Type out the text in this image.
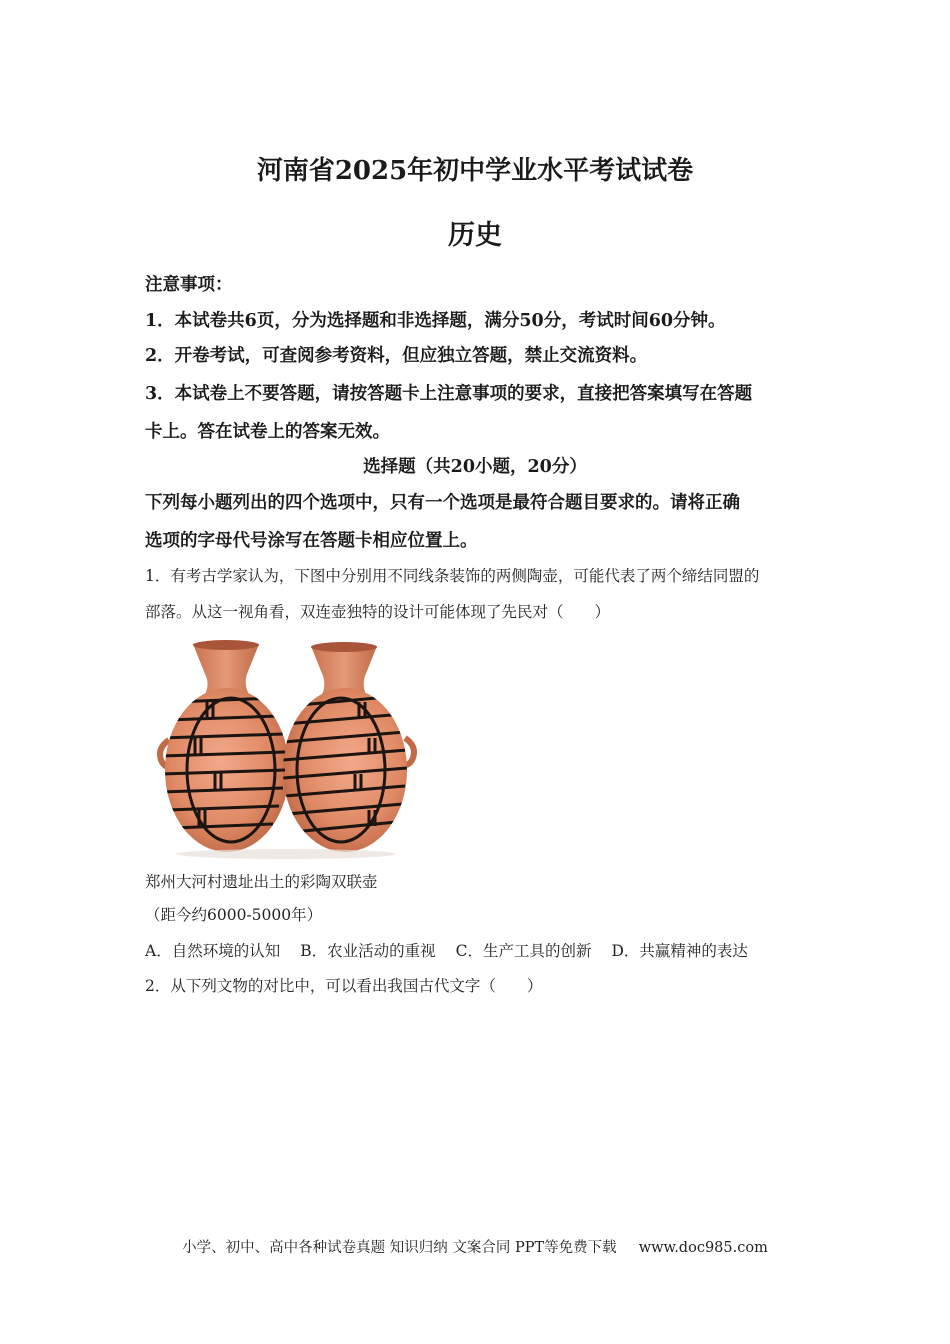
河南省2025年初中学业水平考试试卷
历史
注意事项：
1．本试卷共6页，分为选择题和非选择题，满分50分，考试时间60分钟。
2．开卷考试，可查阅参考资料，但应独立答题，禁止交流资料。
3．本试卷上不要答题，请按答题卡上注意事项的要求，直接把答案填写在答题
卡上。答在试卷上的答案无效。
选择题（共20小题，20分）
下列每小题列出的四个选项中，只有一个选项是最符合题目要求的。请将正确
选项的字母代号涂写在答题卡相应位置上。
1．有考古学家认为，下图中分别用不同线条装饰的两侧陶壶，可能代表了两个缔结同盟的
部落。从这一视角看，双连壶独特的设计可能体现了先民对（　　）
郑州大河村遗址出土的彩陶双联壶
（距今约6000-5000年）
A．自然环境的认知 B．农业活动的重视 C．生产工具的创新 D．共赢精神的表达
2．从下列文物的对比中，可以看出我国古代文字（　　）
小学、初中、高中各种试卷真题 知识归纳 文案合同 PPT等免费下载 www.doc985.com
